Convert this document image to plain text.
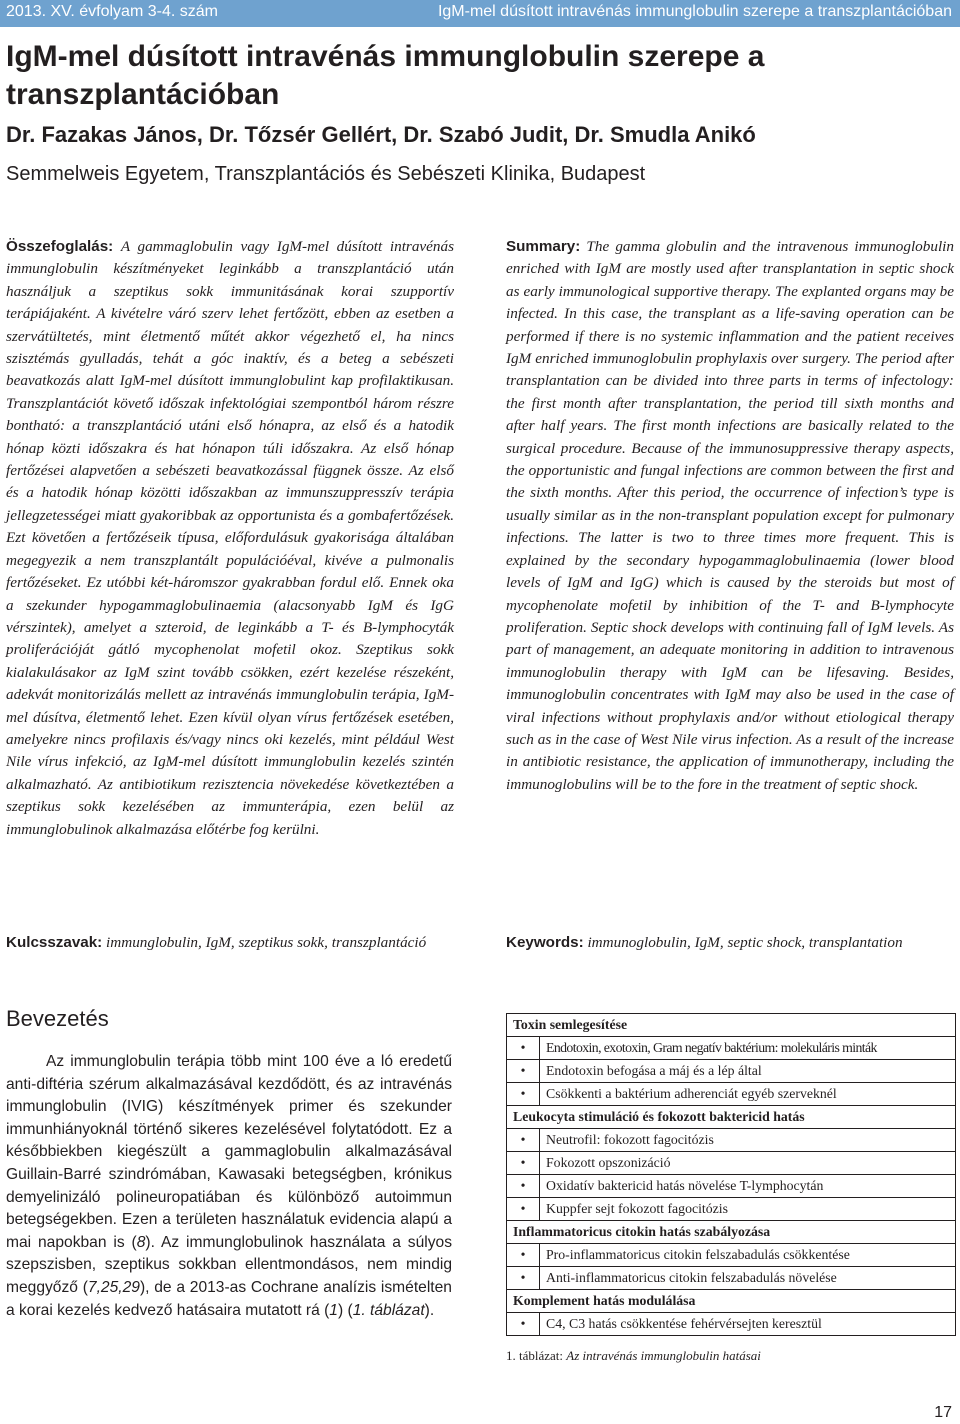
2013. XV. évfolyam 3-4. szám	IgM-mel dúsított intravénás immunglobulin szerepe a transzplantációban
IgM-mel dúsított intravénás immunglobulin szerepe a transzplantációban
Dr. Fazakas János, Dr. Tőzsér Gellért, Dr. Szabó Judit, Dr. Smudla Anikó
Semmelweis Egyetem, Transzplantációs és Sebészeti Klinika, Budapest
Összefoglalás: A gammaglobulin vagy IgM-mel dúsított intravénás immunglobulin készítményeket leginkább a transzplantáció után használjuk a szeptikus sokk immunitásának korai szupportív terápiájaként. A kivételre váró szerv lehet fertőzött, ebben az esetben a szervátültetés, mint életmentő műtét akkor végezhető el, ha nincs szisztémás gyulladás, tehát a góc inaktív, és a beteg a sebészeti beavatkozás alatt IgM-mel dúsított immunglobulint kap profilaktikusan. Transzplantációt követő időszak infektológiai szempontból három részre bontható: a transzplantáció utáni első hónapra, az első és a hatodik hónap közti időszakra és hat hónapon túli időszakra. Az első hónap fertőzései alapvetően a sebészeti beavatkozással függnek össze. Az első és a hatodik hónap közötti időszakban az immunszuppresszív terápia jellegzetességei miatt gyakoribbak az opportunista és a gombafertőzések. Ezt követően a fertőzéseik típusa, előfordulásuk gyakorisága általában megegyezik a nem transzplantált populációéval, kivéve a pulmonalis fertőzéseket. Ez utóbbi két-háromszor gyakrabban fordul elő. Ennek oka a szekunder hypogammaglobulinaemia (alacsonyabb IgM és IgG vérszintek), amelyet a szteroid, de leginkább a T- és B-lymphocyták proliferációját gátló mycophenolat mofetil okoz. Szeptikus sokk kialakulásakor az IgM szint tovább csökken, ezért kezelése részeként, adekvát monitorizálás mellett az intravénás immunglobulin terápia, IgM-mel dúsítva, életmentő lehet. Ezen kívül olyan vírus fertőzések esetében, amelyekre nincs profilaxis és/vagy nincs oki kezelés, mint például West Nile vírus infekció, az IgM-mel dúsított immunglobulin kezelés szintén alkalmazható. Az antibiotikum rezisztencia növekedése következtében a szeptikus sokk kezelésében az immunterápia, ezen belül az immunglobulinok alkalmazása előtérbe fog kerülni.
Summary: The gamma globulin and the intravenous immunoglobulin enriched with IgM are mostly used after transplantation in septic shock as early immunological supportive therapy. The explanted organs may be infected. In this case, the transplant as a life-saving operation can be performed if there is no systemic inflammation and the patient receives IgM enriched immunoglobulin prophylaxis over surgery. The period after transplantation can be divided into three parts in terms of infectology: the first month after transplantation, the period till sixth months and after half years. The first month infections are basically related to the surgical procedure. Because of the immunosuppressive therapy aspects, the opportunistic and fungal infections are common between the first and the sixth months. After this period, the occurrence of infection’s type is usually similar as in the non-transplant population except for pulmonary infections. The latter is two to three times more frequent. This is explained by the secondary hypogammaglobulinaemia (lower blood levels of IgM and IgG) which is caused by the steroids but most of mycophenolate mofetil by inhibition of the T- and B-lymphocyte proliferation. Septic shock develops with continuing fall of IgM levels. As part of management, an adequate monitoring in addition to intravenous immunoglobulin therapy with IgM can be lifesaving. Besides, immunoglobulin concentrates with IgM may also be used in the case of viral infections without prophylaxis and/or without etiological therapy such as in the case of West Nile virus infection. As a result of the increase in antibiotic resistance, the application of immunotherapy, including the immunoglobulins will be to the fore in the treatment of septic shock.
Kulcsszavak: immunglobulin, IgM, szeptikus sokk, transzplantáció	Keywords: immunoglobulin, IgM, septic shock, transplantation
Bevezetés

Az immunglobulin terápia több mint 100 éve a ló eredetű anti-diftéria szérum alkalmazásával kezdődött, és az intravénás immunglobulin (IVIG) készítmények primer és szekunder immunhiányoknál történő sikeres kezelésével folytatódott. Ez a későbbiekben kiegészült a gammaglobulin alkalmazásával Guillain-Barré szindrómában, Kawasaki betegségben, krónikus demyelinizáló polineuropatiában és különböző autoimmun betegségekben. Ezen a területen használatuk evidencia alapú a mai napokban is (8). Az immunglobulinok használata a súlyos szepszisben, szeptikus sokkban ellentmondásos, nem mindig meggyőző (7,25,29), de a 2013-as Cochrane analízis ismételten a korai kezelés kedvező hatásaira mutatott rá (1) (1. táblázat).

Toxin semlegesítése	
•	Endotoxin, exotoxin, Gram negatív baktérium: molekuláris minták
•	Endotoxin befogása a máj és a lép által
•	Csökkenti a baktérium adherenciát egyéb szerveknél
Leukocyta stimuláció és fokozott baktericid hatás	
•	Neutrofil: fokozott fagocitózis
•	Fokozott opszonizáció
•	Oxidatív baktericid hatás növelése T-lymphocytán
•	Kuppfer sejt fokozott fagocitózis
Inflammatoricus citokin hatás szabályozása	
•	Pro-inflammatoricus citokin felszabadulás csökkentése
•	Anti-inflammatoricus citokin felszabadulás növelése
Komplement hatás modulálása	
•	C4, C3 hatás csökkentése fehérvérsejten keresztül
1. táblázat: Az intravénás immunglobulin hatásai
17
